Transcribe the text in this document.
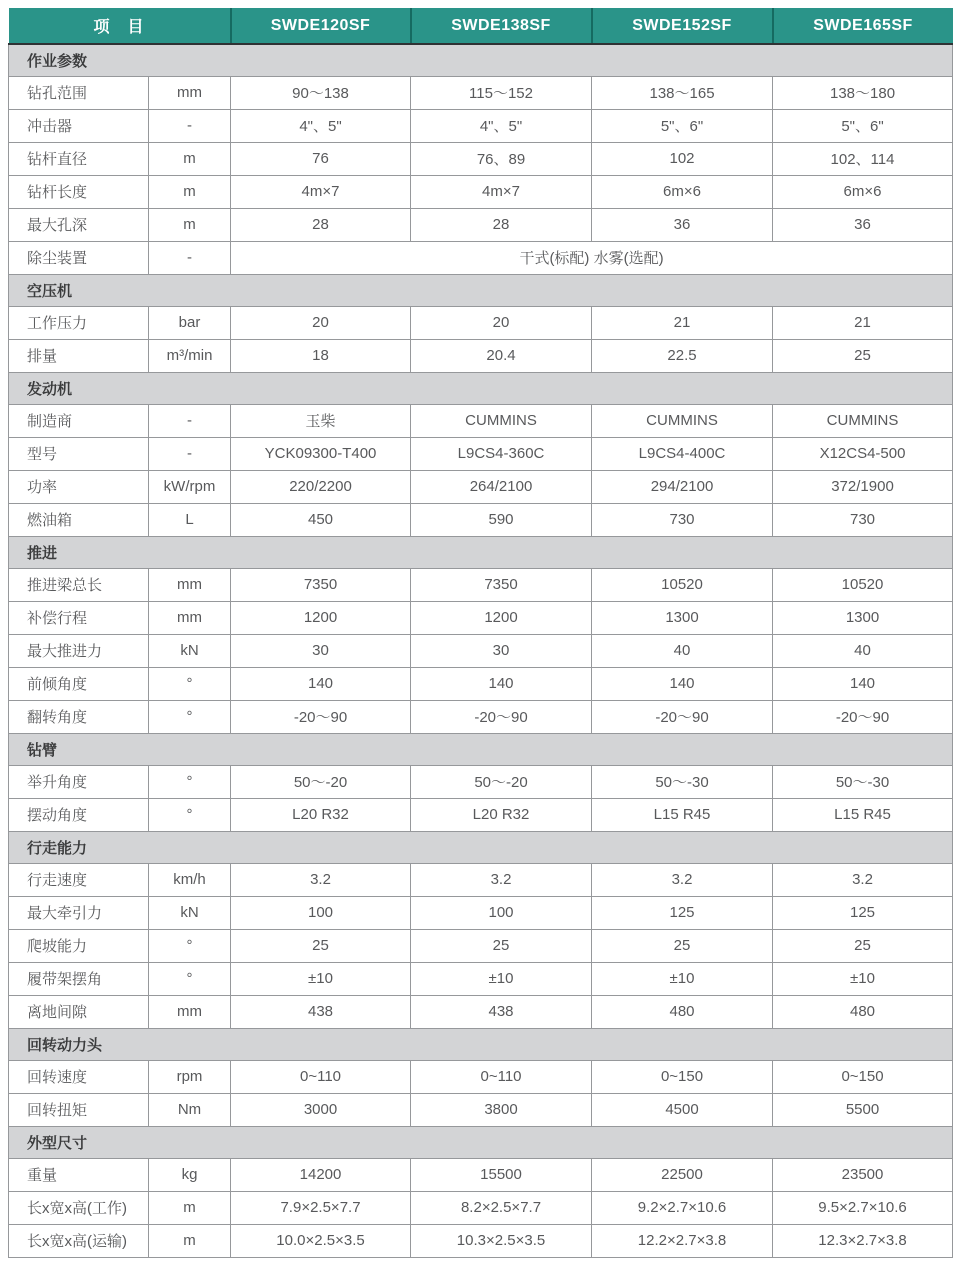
项　目		SWDE120SF	SWDE138SF	SWDE152SF	SWDE165SF
作业参数					
钻孔范围	mm	90～138	115～152	138～165	138～180
冲击器	-	4"、5"	4"、5"	5"、6"	5"、6"
钻杆直径	m	76	76、89	102	102、114
钻杆长度	m	4m×7	4m×7	6m×6	6m×6
最大孔深	m	28	28	36	36
除尘装置	-	干式(标配) 水雾(选配)			
空压机					
工作压力	bar	20	20	21	21
排量	m³/min	18	20.4	22.5	25
发动机					
制造商	-	玉柴	CUMMINS	CUMMINS	CUMMINS
型号	-	YCK09300-T400	L9CS4-360C	L9CS4-400C	X12CS4-500
功率	kW/rpm	220/2200	264/2100	294/2100	372/1900
燃油箱	L	450	590	730	730
推进					
推进梁总长	mm	7350	7350	10520	10520
补偿行程	mm	1200	1200	1300	1300
最大推进力	kN	30	30	40	40
前倾角度	°	140	140	140	140
翻转角度	°	-20～90	-20～90	-20～90	-20～90
钻臂					
举升角度	°	50～-20	50～-20	50～-30	50～-30
摆动角度	°	L20 R32	L20 R32	L15 R45	L15 R45
行走能力					
行走速度	km/h	3.2	3.2	3.2	3.2
最大牵引力	kN	100	100	125	125
爬坡能力	°	25	25	25	25
履带架摆角	°	±10	±10	±10	±10
离地间隙	mm	438	438	480	480
回转动力头					
回转速度	rpm	0~110	0~110	0~150	0~150
回转扭矩	Nm	3000	3800	4500	5500
外型尺寸					
重量	kg	14200	15500	22500	23500
长x宽x高(工作)	m	7.9×2.5×7.7	8.2×2.5×7.7	9.2×2.7×10.6	9.5×2.7×10.6
长x宽x高(运输)	m	10.0×2.5×3.5	10.3×2.5×3.5	12.2×2.7×3.8	12.3×2.7×3.8
